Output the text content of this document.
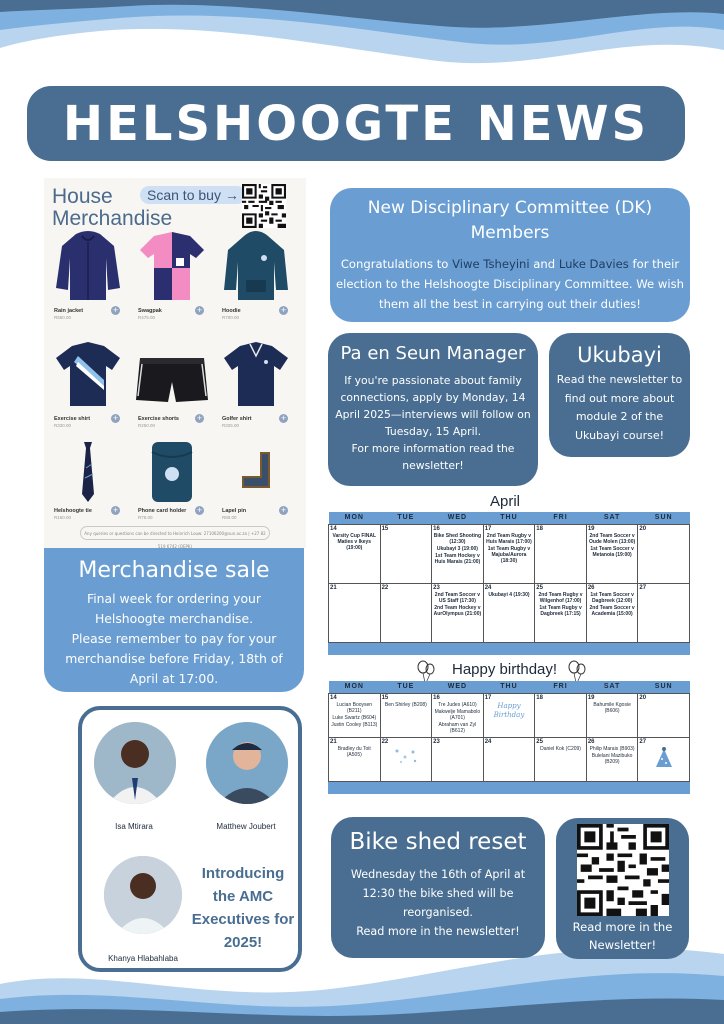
HELSHOOGTE NEWS
House
Merchandise
Scan to buy →
Rain jacket
R550.00
+	Swagpak
R475.00
+	Hoodie
R700.00
+
Exercise shirt
R330.00
+	Exercise shorts
R250.00
+	Golfer shirt
R325.00
+
Helshoogte tie
R150.00
+	Phone card holder
R75.00
+	Lapel pin
R80.00
+
Any queries or questions can be directed to Heinrich Louw: 27106200@sun.ac.za | +27 82 519 6742 (OEPK)
Merchandise sale

Final week for ordering your
Helshoogte merchandise.
Please remember to pay for your
merchandise before Friday, 18th of
April at 17:00.

New Disciplinary Committee (DK)
Members

Congratulations to Viwe Tsheyini and Luke Davies for their election to the Helshoogte Disciplinary Committee. We wish them all the best in carrying out their duties!

Pa en Seun Manager

If you're passionate about family connections, apply by Monday, 14 April 2025—interviews will follow on Tuesday, 15 April.
For more information read the newsletter!

Ukubayi

Read the newsletter to find out more about module 2 of the Ukubayi course!

April
MON	TUE	WED	THU	FRI	SAT	SUN

14
Varsity Cup FINAL Maties v Ikeys (19:00)	15	16
Bike Shed Shooting (12:30)
Ukubayi 3 (19:00)
1st Team Hockey v Huis Marais (21:00)	17
2nd Team Rugby v Huis Marais (17:00)
1st Team Rugby v Majuba/Aurora (18:30)	18	19
2nd Team Soccer v Oude Molen (13:00)
1st Team Soccer v Metanoia (19:00)	20

21	22	23
2nd Team Soccer v US Staff (17:30)
2nd Team Hockey v AurOlympus (21:00)	24
Ukubayi 4 (19:30)	25
2nd Team Rugby v Wilgenhof (17:00)
1st Team Rugby v Dagbreek (17:15)	26
1st Team Soccer v Dagbreek (12:00)
2nd Team Soccer v Academia (15:00)	27
Happy birthday!
MON	TUE	WED	THU	FRI	SAT	SUN

14
Lucian Booysen (B211)
Luke Swartz (B604)
Justin Cooley (B113)	15
Ben Shirley (B208)	16
Tre Judes (A610)
Makwelje Mamabolo (A701)
Abraham van Zyl (B612)	17
Happy Birthday	18	19
Bahumile Kgosie (B606)	20

21
Bradley du Toit (A505)	22	23	24	25
Daniel Kok (C209)	26
Philip Marais (B903)
Bulelani Mazibuko (B209)	27
Isa Mtirara	Matthew Joubert
Khanya Hlabahlaba
Introducing the AMC Executives for 2025!
Bike shed reset

Wednesday the 16th of April at 12:30 the bike shed will be reorganised.
Read more in the newsletter!	Read more in the Newsletter!
